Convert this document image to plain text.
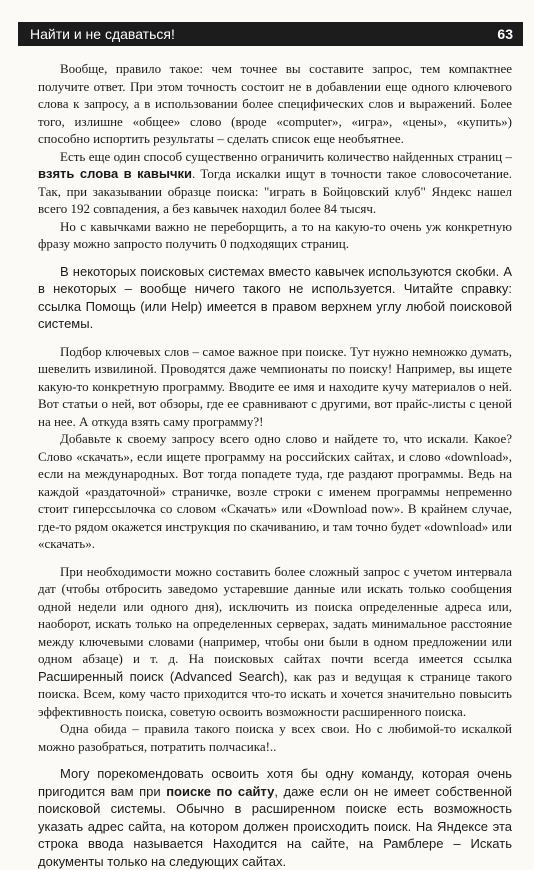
Найти и не сдаваться!	63

Вообще, правило такое: чем точнее вы составите запрос, тем компактнее получите ответ. При этом точность состоит не в добавлении еще одного ключевого слова к запросу, а в использовании более специфических слов и выражений. Более того, излишне «общее» слово (вроде «computer», «игра», «цены», «купить») способно испортить результаты – сделать список еще необъятнее.

Есть еще один способ существенно ограничить количество найденных страниц – взять слова в кавычки. Тогда искалки ищут в точности такое словосочетание. Так, при заказывании образце поиска: "играть в Бойцовский клуб" Яндекс нашел всего 192 совпадения, а без кавычек находил более 84 тысяч.

Но с кавычками важно не переборщить, а то на какую-то очень уж конкретную фразу можно запросто получить 0 подходящих страниц.

В некоторых поисковых системах вместо кавычек используются скобки. А в некоторых – вообще ничего такого не используется. Читайте справку: ссылка Помощь (или Help) имеется в правом верхнем углу любой поисковой системы.

Подбор ключевых слов – самое важное при поиске. Тут нужно немножко думать, шевелить извилиной. Проводятся даже чемпионаты по поиску! Например, вы ищете какую-то конкретную программу. Вводите ее имя и находите кучу материалов о ней. Вот статьи о ней, вот обзоры, где ее сравнивают с другими, вот прайс-листы с ценой на нее. А откуда взять саму программу?!

Добавьте к своему запросу всего одно слово и найдете то, что искали. Какое? Слово «скачать», если ищете программу на российских сайтах, и слово «download», если на международных. Вот тогда попадете туда, где раздают программы. Ведь на каждой «раздаточной» страничке, возле строки с именем программы непременно стоит гиперссылочка со словом «Скачать» или «Download now». В крайнем случае, где-то рядом окажется инструкция по скачиванию, и там точно будет «download» или «скачать».

При необходимости можно составить более сложный запрос с учетом интервала дат (чтобы отбросить заведомо устаревшие данные или искать только сообщения одной недели или одного дня), исключить из поиска определенные адреса или, наоборот, искать только на определенных серверах, задать минимальное расстояние между ключевыми словами (например, чтобы они были в одном предложении или одном абзаце) и т. д. На поисковых сайтах почти всегда имеется ссылка Расширенный поиск (Advanced Search), как раз и ведущая к странице такого поиска. Всем, кому часто приходится что-то искать и хочется значительно повысить эффективность поиска, советую освоить возможности расширенного поиска.

Одна обида – правила такого поиска у всех свои. Но с любимой-то искалкой можно разобраться, потратить полчасика!..

Могу порекомендовать освоить хотя бы одну команду, которая очень пригодится вам при поиске по сайту, даже если он не имеет собственной поисковой системы. Обычно в расширенном поиске есть возможность указать адрес сайта, на котором должен происходить поиск. На Яндексе эта строка ввода называется Находится на сайте, на Рамблере – Искать документы только на следующих сайтах.
